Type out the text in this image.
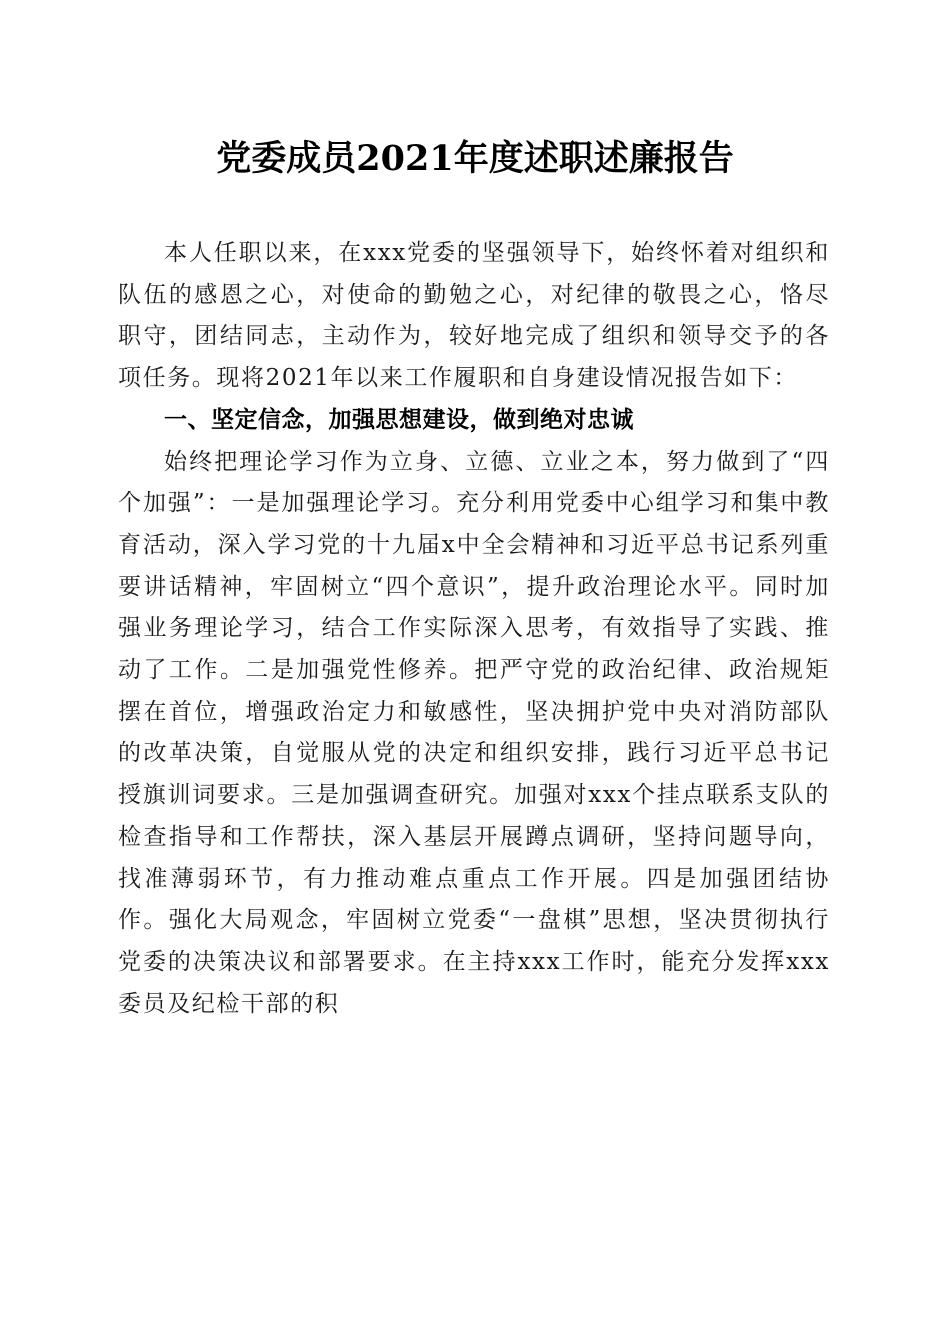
党委成员2021年度述职述廉报告

本人任职以来，在xxx党委的坚强领导下，始终怀着对组织和队伍的感恩之心，对使命的勤勉之心，对纪律的敬畏之心，恪尽职守，团结同志，主动作为，较好地完成了组织和领导交予的各项任务。现将2021年以来工作履职和自身建设情况报告如下：

一、坚定信念，加强思想建设，做到绝对忠诚

始终把理论学习作为立身、立德、立业之本，努力做到了“四个加强”：一是加强理论学习。充分利用党委中心组学习和集中教育活动，深入学习党的十九届x中全会精神和习近平总书记系列重要讲话精神，牢固树立“四个意识”，提升政治理论水平。同时加强业务理论学习，结合工作实际深入思考，有效指导了实践、推动了工作。二是加强党性修养。把严守党的政治纪律、政治规矩摆在首位，增强政治定力和敏感性，坚决拥护党中央对消防部队的改革决策，自觉服从党的决定和组织安排，践行习近平总书记授旗训词要求。三是加强调查研究。加强对xxx个挂点联系支队的检查指导和工作帮扶，深入基层开展蹲点调研，坚持问题导向，找准薄弱环节，有力推动难点重点工作开展。四是加强团结协作。强化大局观念，牢固树立党委“一盘棋”思想，坚决贯彻执行党委的决策决议和部署要求。在主持xxx工作时，能充分发挥xxx委员及纪检干部的积
